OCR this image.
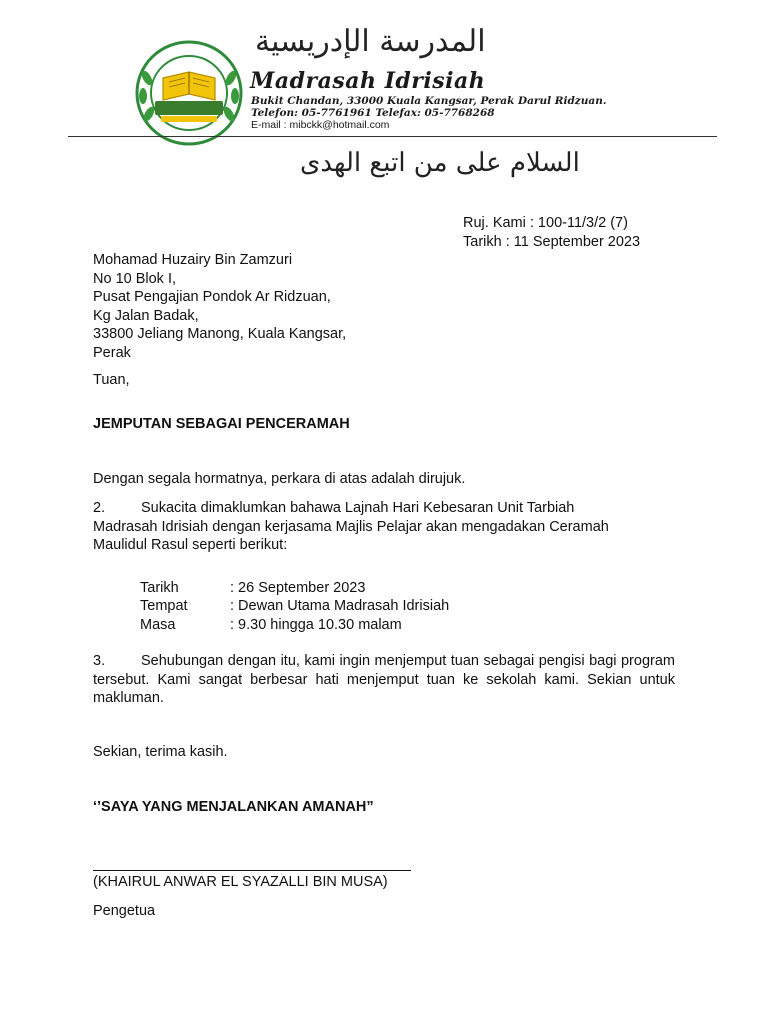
المدرسة الإدريسية
Madrasah Idrisiah
Bukit Chandan, 33000 Kuala Kangsar, Perak Darul Ridzuan.
Telefon: 05-7761961 Telefax: 05-7768268
E-mail : mibckk@hotmail.com
السلام على من اتبع الهدى
Ruj. Kami : 100-11/3/2 (7)
Tarikh : 11 September 2023
Mohamad Huzairy Bin Zamzuri
No 10 Blok I,
Pusat Pengajian Pondok Ar Ridzuan,
Kg Jalan Badak,
33800 Jeliang Manong, Kuala Kangsar,
Perak
Tuan,
JEMPUTAN SEBAGAI PENCERAMAH
Dengan segala hormatnya, perkara di atas adalah dirujuk.
2. Sukacita dimaklumkan bahawa Lajnah Hari Kebesaran Unit Tarbiah
Madrasah Idrisiah dengan kerjasama Majlis Pelajar akan mengadakan Ceramah
Maulidul Rasul seperti berikut:
Tarikh	: 26 September 2023
Tempat	: Dewan Utama Madrasah Idrisiah
Masa	: 9.30 hingga 10.30 malam
3. Sehubungan dengan itu, kami ingin menjemput tuan sebagai pengisi bagi program tersebut. Kami sangat berbesar hati menjemput tuan ke sekolah kami. Sekian untuk makluman.
Sekian, terima kasih.
‘’SAYA YANG MENJALANKAN AMANAH”
(KHAIRUL ANWAR EL SYAZALLI BIN MUSA)
Pengetua
